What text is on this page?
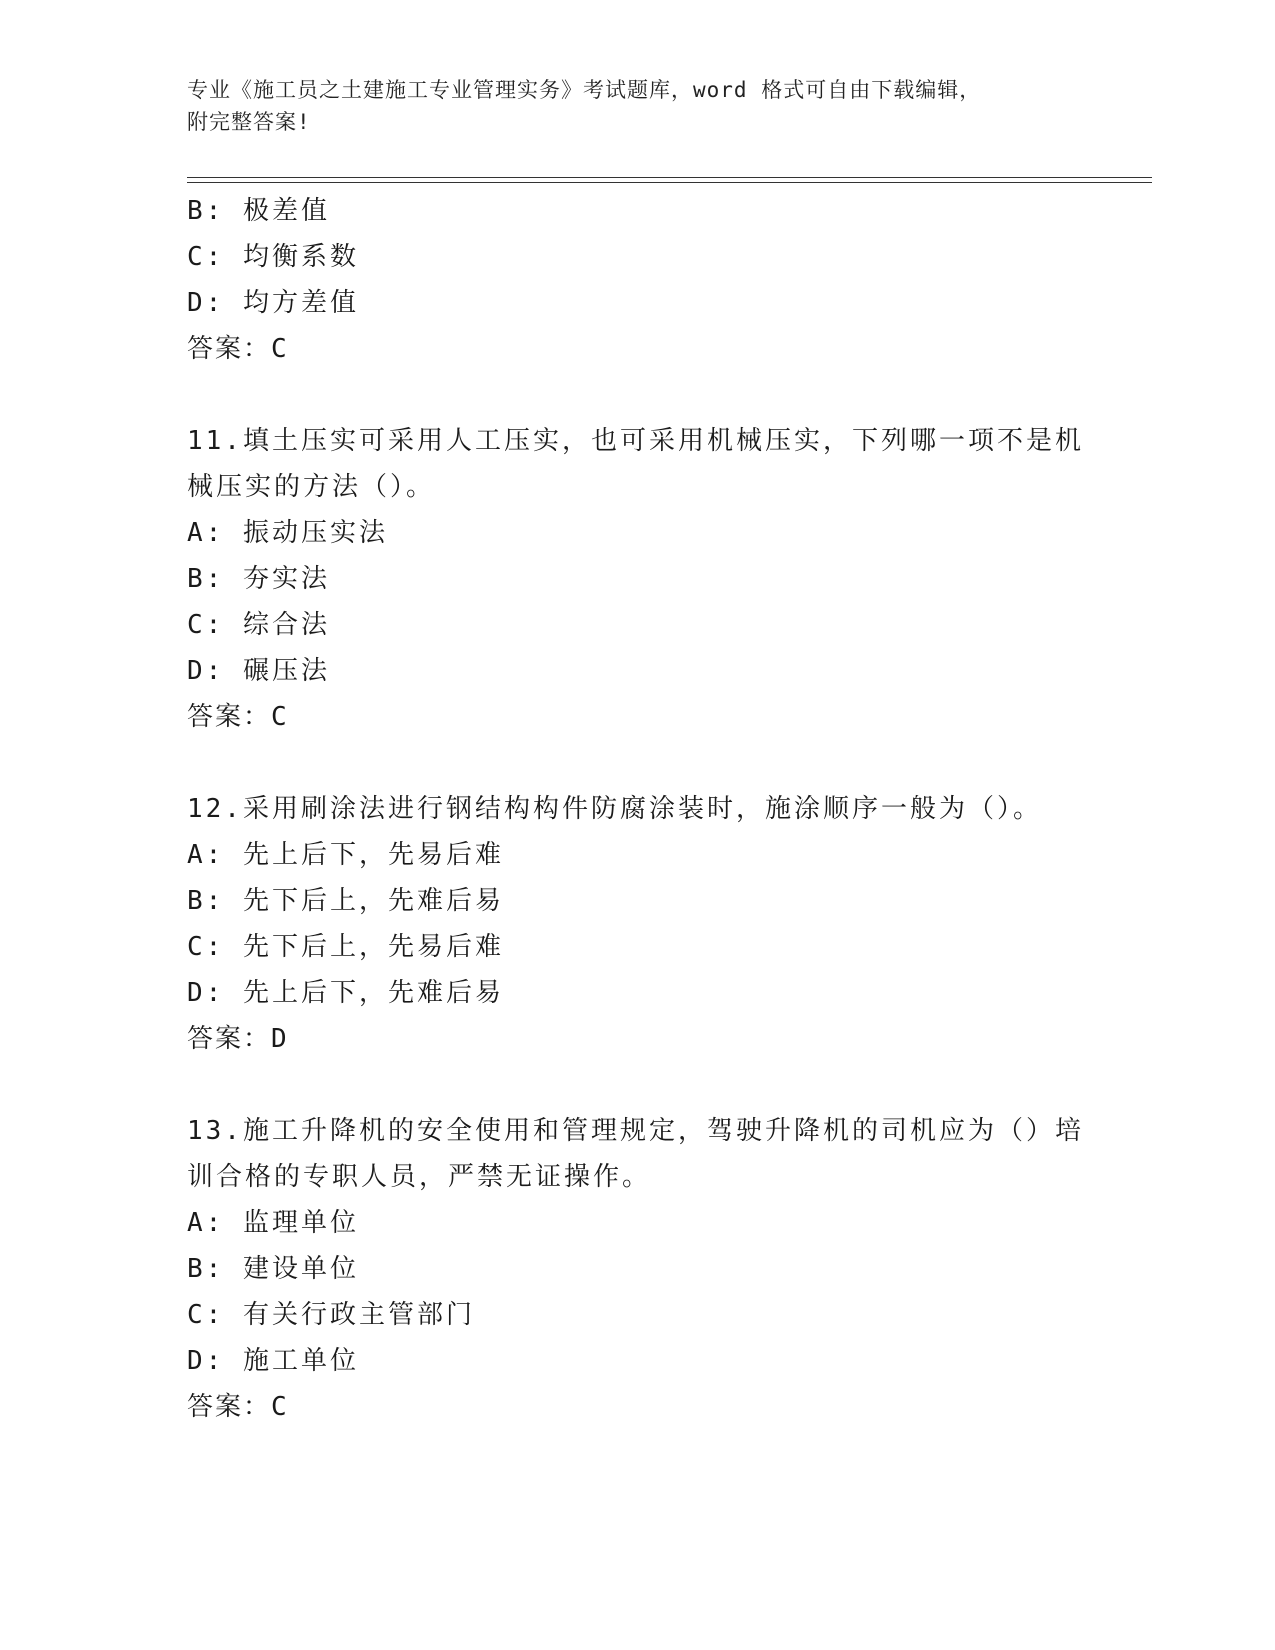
专业《施工员之土建施工专业管理实务》考试题库，word 格式可自由下载编辑，
附完整答案!
B: 极差值
C: 均衡系数
D: 均方差值
答案：C
11.填土压实可采用人工压实，也可采用机械压实，下列哪一项不是机
械压实的方法（）。
A: 振动压实法
B: 夯实法
C: 综合法
D: 碾压法
答案：C
12.采用刷涂法进行钢结构构件防腐涂装时，施涂顺序一般为（）。
A: 先上后下，先易后难
B: 先下后上，先难后易
C: 先下后上，先易后难
D: 先上后下，先难后易
答案：D
13.施工升降机的安全使用和管理规定，驾驶升降机的司机应为（）培
训合格的专职人员，严禁无证操作。
A: 监理单位
B: 建设单位
C: 有关行政主管部门
D: 施工单位
答案：C
